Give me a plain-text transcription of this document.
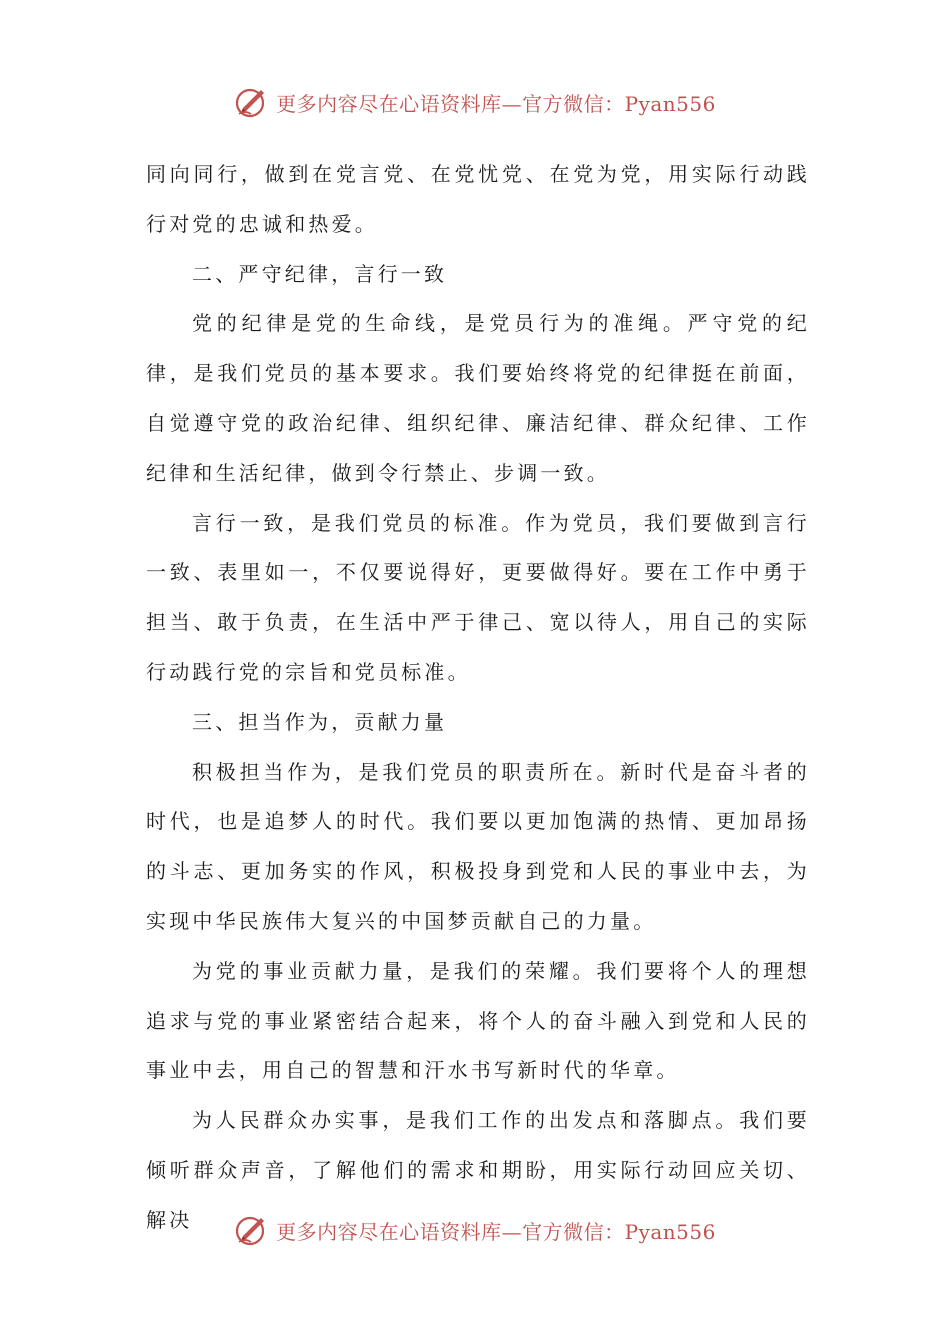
更多内容尽在心语资料库—官方微信：Pyan556

同向同行，做到在党言党、在党忧党、在党为党，用实际行动践行对党的忠诚和热爱。

二、严守纪律，言行一致

党的纪律是党的生命线，是党员行为的准绳。严守党的纪律，是我们党员的基本要求。我们要始终将党的纪律挺在前面，自觉遵守党的政治纪律、组织纪律、廉洁纪律、群众纪律、工作纪律和生活纪律，做到令行禁止、步调一致。

言行一致，是我们党员的标准。作为党员，我们要做到言行一致、表里如一，不仅要说得好，更要做得好。要在工作中勇于担当、敢于负责，在生活中严于律己、宽以待人，用自己的实际行动践行党的宗旨和党员标准。

三、担当作为，贡献力量

积极担当作为，是我们党员的职责所在。新时代是奋斗者的时代，也是追梦人的时代。我们要以更加饱满的热情、更加昂扬的斗志、更加务实的作风，积极投身到党和人民的事业中去，为实现中华民族伟大复兴的中国梦贡献自己的力量。

为党的事业贡献力量，是我们的荣耀。我们要将个人的理想追求与党的事业紧密结合起来，将个人的奋斗融入到党和人民的事业中去，用自己的智慧和汗水书写新时代的华章。

为人民群众办实事，是我们工作的出发点和落脚点。我们要倾听群众声音，了解他们的需求和期盼，用实际行动回应关切、解决	更多内容尽在心语资料库—官方微信：Pyan556
